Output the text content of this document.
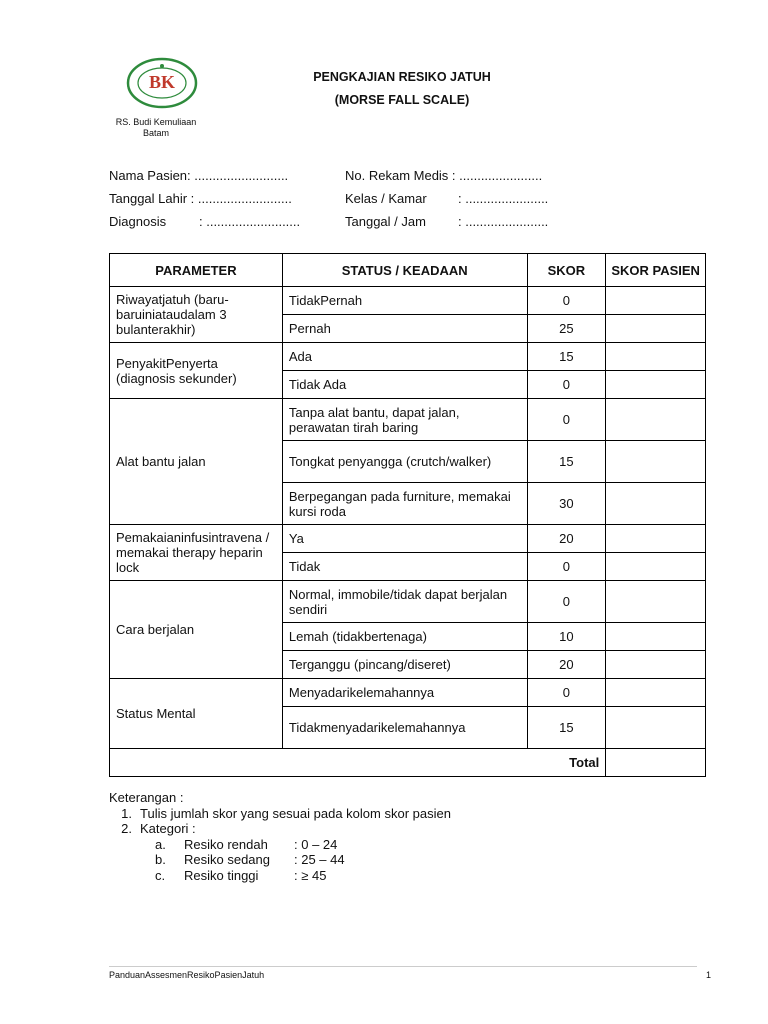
BK
RS. Budi Kemuliaan
Batam
PENGKAJIAN RESIKO JATUH
(MORSE FALL SCALE)
Nama Pasien: ..........................
Tanggal Lahir : ..........................
Diagnosis	: ..........................
No. Rekam Medis : .......................
Kelas / Kamar : .......................
Tanggal / Jam : .......................
PARAMETER	STATUS / KEADAAN	SKOR	SKOR PASIEN
Riwayatjatuh (baru-baruiniataudalam 3 bulanterakhir)	TidakPernah	0	
	Pernah	25	
PenyakitPenyerta (diagnosis sekunder)	Ada	15	
	Tidak Ada	0	
Alat bantu jalan	Tanpa alat bantu, dapat jalan, perawatan tirah baring	0	
	Tongkat penyangga (crutch/walker)	15	
	Berpegangan pada furniture, memakai kursi roda	30	
Pemakaianinfusintravena / memakai therapy heparin lock	Ya	20	
	Tidak	0	
Cara berjalan	Normal, immobile/tidak dapat berjalan sendiri	0	
	Lemah (tidakbertenaga)	10	
	Terganggu (pincang/diseret)	20	
Status Mental	Menyadarikelemahannya	0	
	Tidakmenyadarikelemahannya	15	
Total			
Keterangan :
1. Tulis jumlah skor yang sesuai pada kolom skor pasien
2. Kategori :
a.	Resiko rendah	: 0 – 24
b.	Resiko sedang	: 25 – 44
c.	Resiko tinggi	: ≥ 45
PanduanAssesmenResikoPasienJatuh	1
